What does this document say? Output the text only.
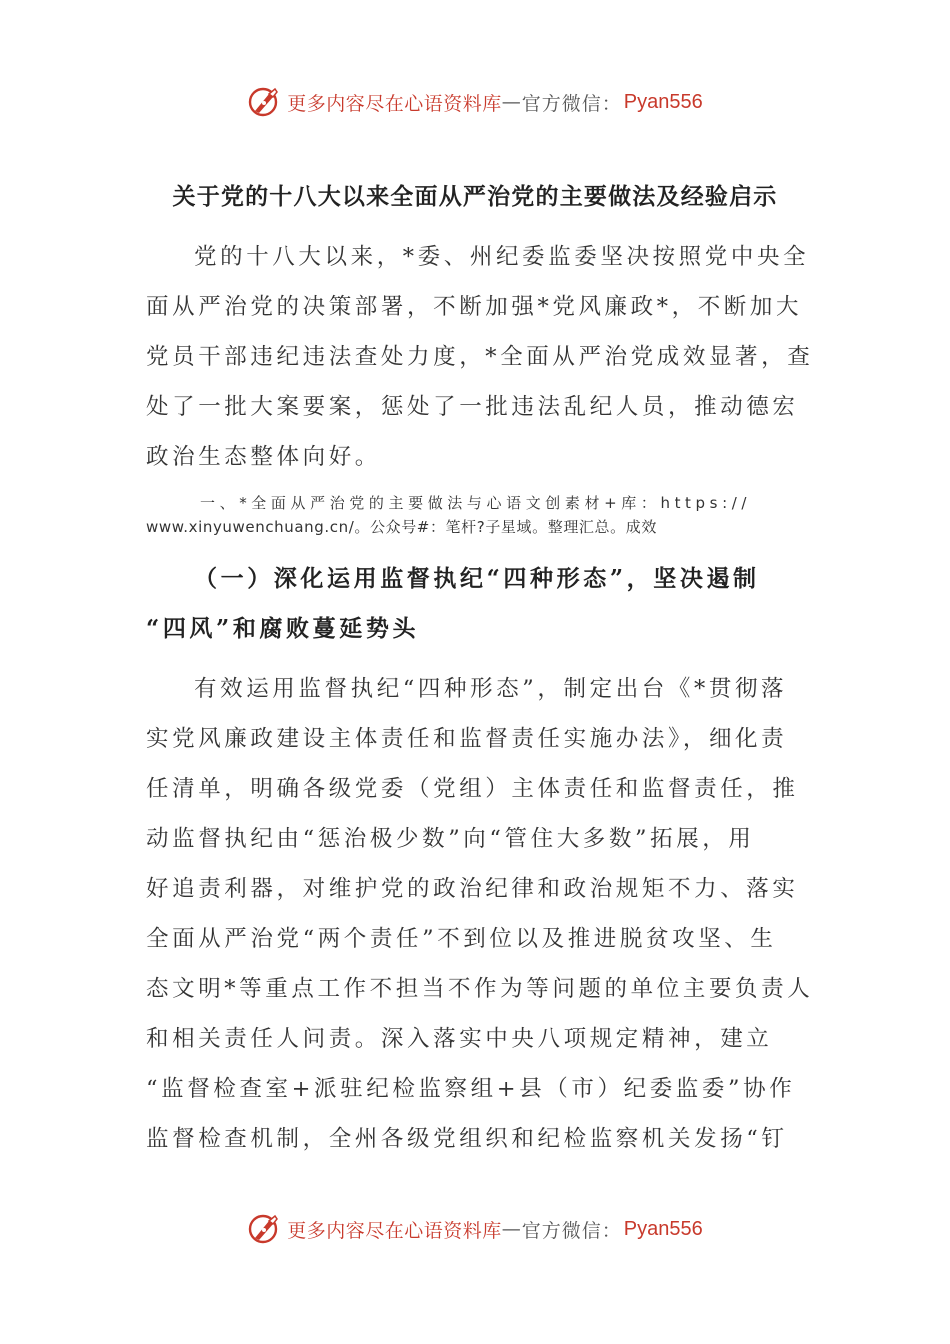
更多内容尽在心语资料库 — 官方微信： Pyan556
关于党的十八大以来全面从严治党的主要做法及经验启示
党的十八大以来，*委、州纪委监委坚决按照党中央全
面从严治党的决策部署，不断加强*党风廉政*，不断加大
党员干部违纪违法查处力度，*全面从严治党成效显著，查
处了一批大案要案，惩处了一批违法乱纪人员，推动德宏
政治生态整体向好。
一、*全面从严治党的主要做法与心语文创素材+库：https://
www.xinyuwenchuang.cn/。公众号#：笔杆?子星域。整理汇总。成效
（一）深化运用监督执纪“四种形态”，坚决遏制
“四风”和腐败蔓延势头
有效运用监督执纪“四种形态”，制定出台《*贯彻落
实党风廉政建设主体责任和监督责任实施办法》，细化责
任清单，明确各级党委（党组）主体责任和监督责任，推
动监督执纪由“惩治极少数”向“管住大多数”拓展，用
好追责利器，对维护党的政治纪律和政治规矩不力、落实
全面从严治党“两个责任”不到位以及推进脱贫攻坚、生
态文明*等重点工作不担当不作为等问题的单位主要负责人
和相关责任人问责。深入落实中央八项规定精神，建立
“监督检查室+派驻纪检监察组+县（市）纪委监委”协作
监督检查机制，全州各级党组织和纪检监察机关发扬“钉
更多内容尽在心语资料库 — 官方微信： Pyan556
